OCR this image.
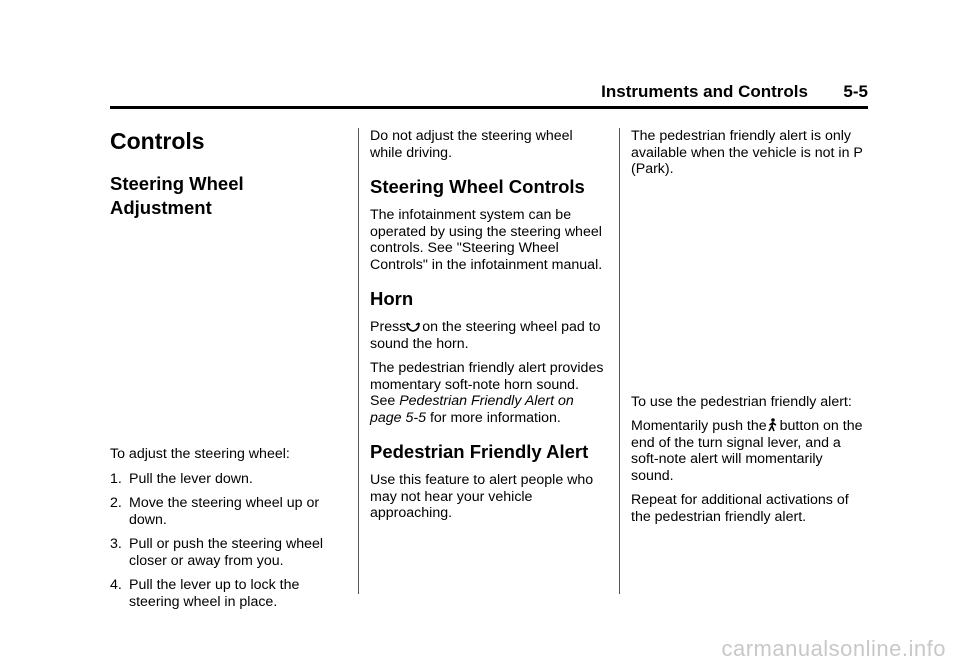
Instruments and Controls 5-5
Controls
Steering Wheel Adjustment

To adjust the steering wheel:

1. Pull the lever down.
2. Move the steering wheel up or down.
3. Pull or push the steering wheel closer or away from you.
4. Pull the lever up to lock the steering wheel in place.

Do not adjust the steering wheel while driving.

Steering Wheel Controls

The infotainment system can be operated by using the steering wheel controls. See "Steering Wheel Controls" in the infotainment manual.

Horn

Press on the steering wheel pad to sound the horn.

The pedestrian friendly alert provides momentary soft-note horn sound. See Pedestrian Friendly Alert on page 5-5 for more information.

Pedestrian Friendly Alert

Use this feature to alert people who may not hear your vehicle approaching.

The pedestrian friendly alert is only available when the vehicle is not in P (Park).

To use the pedestrian friendly alert:

Momentarily push the button on the end of the turn signal lever, and a soft-note alert will momentarily sound.

Repeat for additional activations of the pedestrian friendly alert.

carmanualsonline.info
